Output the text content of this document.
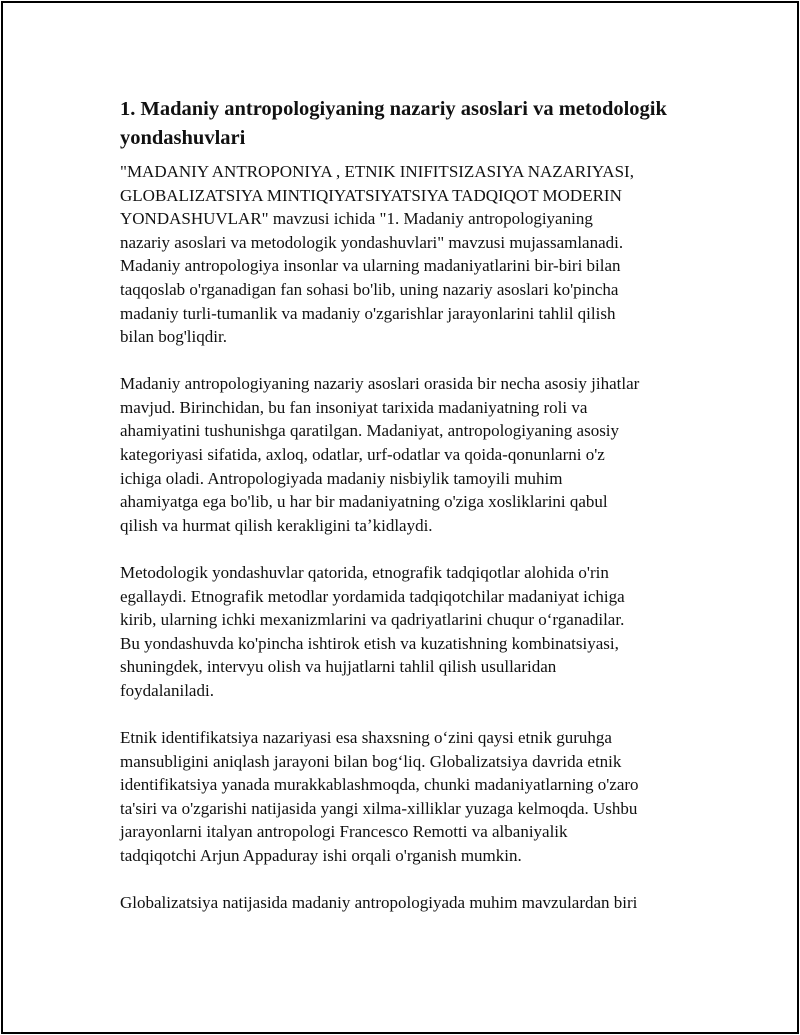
1. Madaniy antropologiyaning nazariy asoslari va metodologik
yondashuvlari

"MADANIY ANTROPONIYA , ETNIK INIFITSIZASIYA NAZARIYASI,
GLOBALIZATSIYA MINTIQIYATSIYATSIYA TADQIQOT MODERIN
YONDASHUVLAR" mavzusi ichida "1. Madaniy antropologiyaning
nazariy asoslari va metodologik yondashuvlari" mavzusi mujassamlanadi.
Madaniy antropologiya insonlar va ularning madaniyatlarini bir-biri bilan
taqqoslab o'rganadigan fan sohasi bo'lib, uning nazariy asoslari ko'pincha
madaniy turli-tumanlik va madaniy o'zgarishlar jarayonlarini tahlil qilish
bilan bog'liqdir.

Madaniy antropologiyaning nazariy asoslari orasida bir necha asosiy jihatlar
mavjud. Birinchidan, bu fan insoniyat tarixida madaniyatning roli va
ahamiyatini tushunishga qaratilgan. Madaniyat, antropologiyaning asosiy
kategoriyasi sifatida, axloq, odatlar, urf-odatlar va qoida-qonunlarni o'z
ichiga oladi. Antropologiyada madaniy nisbiylik tamoyili muhim
ahamiyatga ega bo'lib, u har bir madaniyatning o'ziga xosliklarini qabul
qilish va hurmat qilish kerakligini taʼkidlaydi.

Metodologik yondashuvlar qatorida, etnografik tadqiqotlar alohida o'rin
egallaydi. Etnografik metodlar yordamida tadqiqotchilar madaniyat ichiga
kirib, ularning ichki mexanizmlarini va qadriyatlarini chuqur oʻrganadilar.
Bu yondashuvda ko'pincha ishtirok etish va kuzatishning kombinatsiyasi,
shuningdek, intervyu olish va hujjatlarni tahlil qilish usullaridan
foydalaniladi.

Etnik identifikatsiya nazariyasi esa shaxsning oʻzini qaysi etnik guruhga
mansubligini aniqlash jarayoni bilan bogʻliq. Globalizatsiya davrida etnik
identifikatsiya yanada murakkablashmoqda, chunki madaniyatlarning o'zaro
ta'siri va o'zgarishi natijasida yangi xilma-xilliklar yuzaga kelmoqda. Ushbu
jarayonlarni italyan antropologi Francesco Remotti va albaniyalik
tadqiqotchi Arjun Appaduray ishi orqali o'rganish mumkin.

Globalizatsiya natijasida madaniy antropologiyada muhim mavzulardan biri
